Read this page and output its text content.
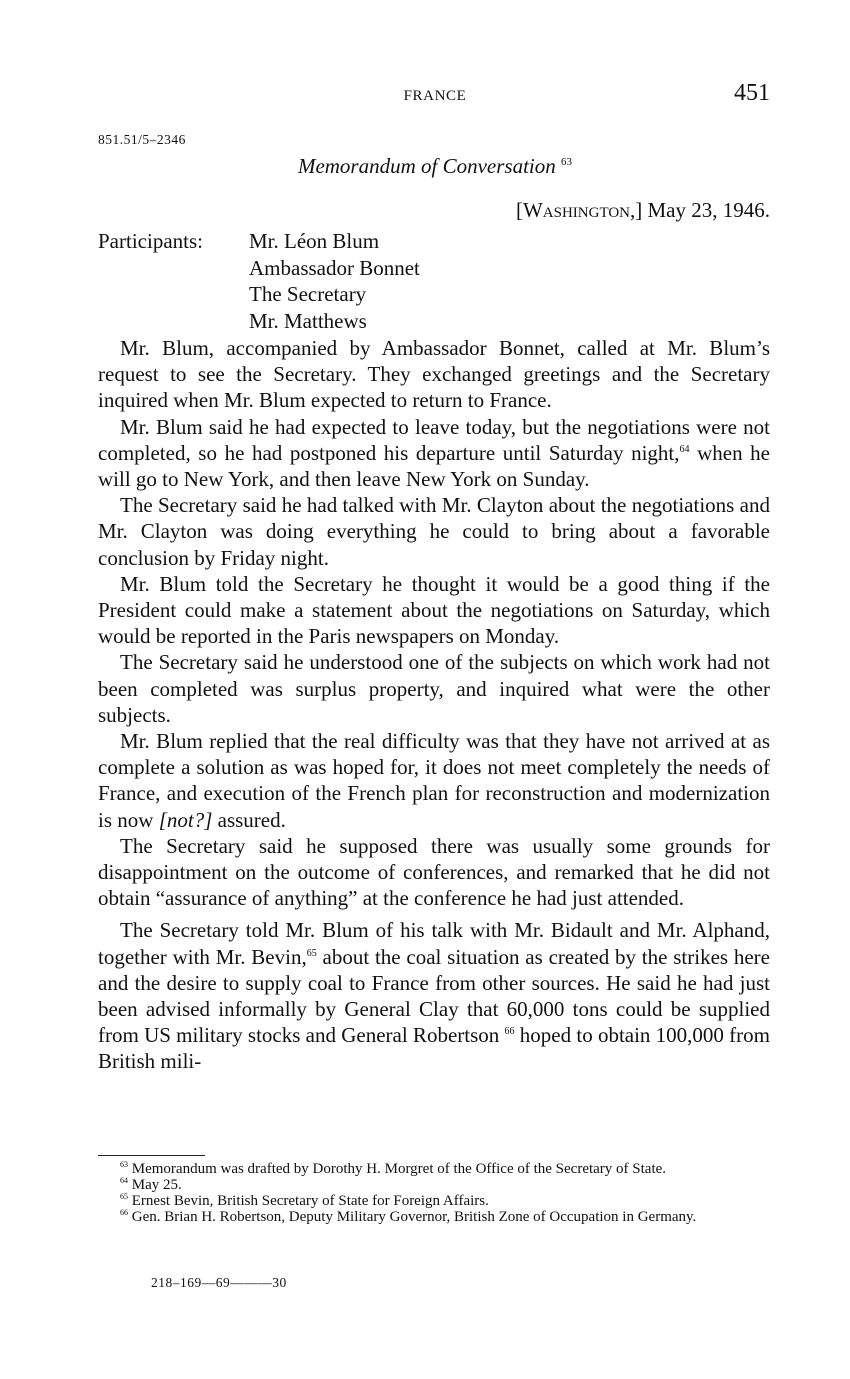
FRANCE	451
851.51/5–2346
Memorandum of Conversation $^{63}$
[Washington,] May 23, 1946.
Participants: Mr. Léon Blum
Ambassador Bonnet
The Secretary
Mr. Matthews

Mr. Blum, accompanied by Ambassador Bonnet, called at Mr. Blum’s request to see the Secretary. They exchanged greetings and the Secretary inquired when Mr. Blum expected to return to France.

Mr. Blum said he had expected to leave today, but the negotiations were not completed, so he had postponed his departure until Saturday night,$^{64}$ when he will go to New York, and then leave New York on Sunday.

The Secretary said he had talked with Mr. Clayton about the negotiations and Mr. Clayton was doing everything he could to bring about a favorable conclusion by Friday night.

Mr. Blum told the Secretary he thought it would be a good thing if the President could make a statement about the negotiations on Saturday, which would be reported in the Paris newspapers on Monday.

The Secretary said he understood one of the subjects on which work had not been completed was surplus property, and inquired what were the other subjects.

Mr. Blum replied that the real difficulty was that they have not arrived at as complete a solution as was hoped for, it does not meet completely the needs of France, and execution of the French plan for reconstruction and modernization is now [not?] assured.

The Secretary said he supposed there was usually some grounds for disappointment on the outcome of conferences, and remarked that he did not obtain “assurance of anything” at the conference he had just attended.

The Secretary told Mr. Blum of his talk with Mr. Bidault and Mr. Alphand, together with Mr. Bevin,$^{65}$ about the coal situation as created by the strikes here and the desire to supply coal to France from other sources. He said he had just been advised informally by General Clay that 60,000 tons could be supplied from US military stocks and General Robertson $^{66}$ hoped to obtain 100,000 from British mili-

$^{63}$ Memorandum was drafted by Dorothy H. Morgret of the Office of the Secretary of State.

$^{64}$ May 25.

$^{65}$ Ernest Bevin, British Secretary of State for Foreign Affairs.

$^{66}$ Gen. Brian H. Robertson, Deputy Military Governor, British Zone of Occupation in Germany.

218–169—69———30
